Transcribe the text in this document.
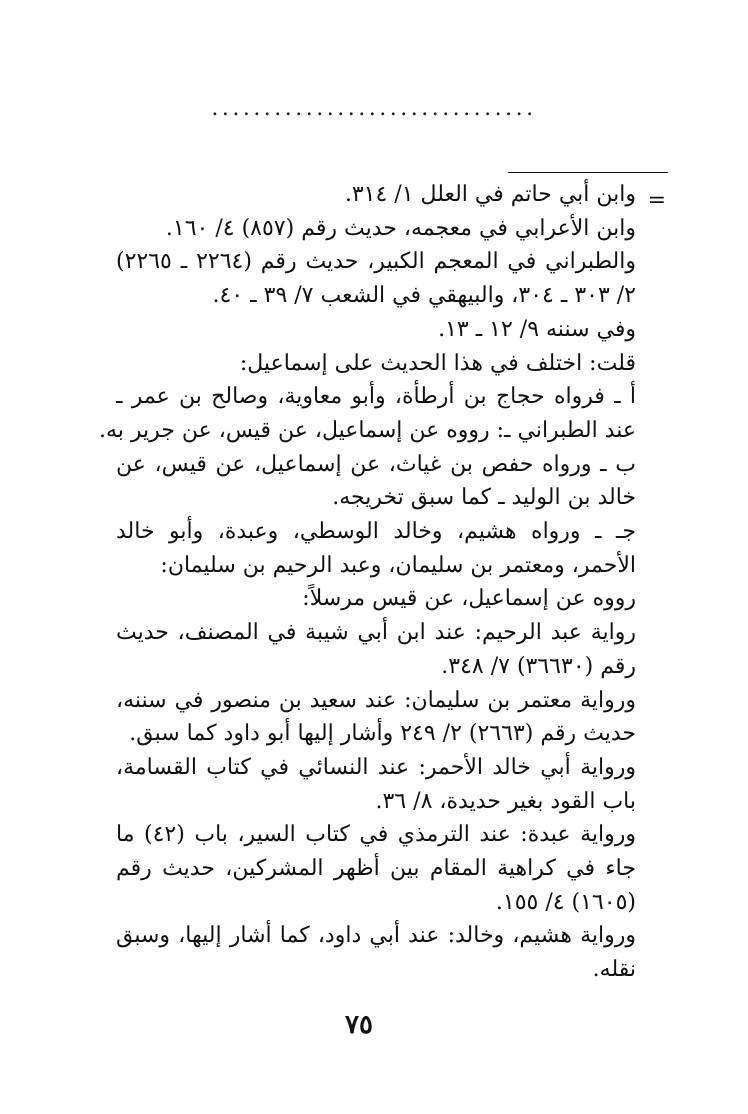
...............................
=
وابن أبي حاتم في العلل ١/ ٣١٤.
وابن الأعرابي في معجمه، حديث رقم (٨٥٧) ٤/ ١٦٠.
والطبراني في المعجم الكبير، حديث رقم (٢٢٦٤ ـ ٢٢٦٥)
٢/ ٣٠٣ ـ ٣٠٤، والبيهقي في الشعب ٧/ ٣٩ ـ ٤٠.
وفي سننه ٩/ ١٢ ـ ١٣.
قلت: اختلف في هذا الحديث على إسماعيل:
أ ـ فرواه حجاج بن أرطأة، وأبو معاوية، وصالح بن عمر ـ
عند الطبراني ـ: رووه عن إسماعيل، عن قيس، عن جرير به.
ب ـ ورواه حفص بن غياث، عن إسماعيل، عن قيس، عن
خالد بن الوليد ـ كما سبق تخريجه.
جـ ـ ورواه هشيم، وخالد الوسطي، وعبدة، وأبو خالد
الأحمر، ومعتمر بن سليمان، وعبد الرحيم بن سليمان:
رووه عن إسماعيل، عن قيس مرسلاً:
رواية عبد الرحيم: عند ابن أبي شيبة في المصنف، حديث
رقم (٣٦٦٣٠) ٧/ ٣٤٨.
ورواية معتمر بن سليمان: عند سعيد بن منصور في سننه،
حديث رقم (٢٦٦٣) ٢/ ٢٤٩ وأشار إليها أبو داود كما سبق.
ورواية أبي خالد الأحمر: عند النسائي في كتاب القسامة،
باب القود بغير حديدة، ٨/ ٣٦.
ورواية عبدة: عند الترمذي في كتاب السير، باب (٤٢) ما
جاء في كراهية المقام بين أظهر المشركين، حديث رقم
(١٦٠٥) ٤/ ١٥٥.
ورواية هشيم، وخالد: عند أبي داود، كما أشار إليها، وسبق
نقله.
٧٥
